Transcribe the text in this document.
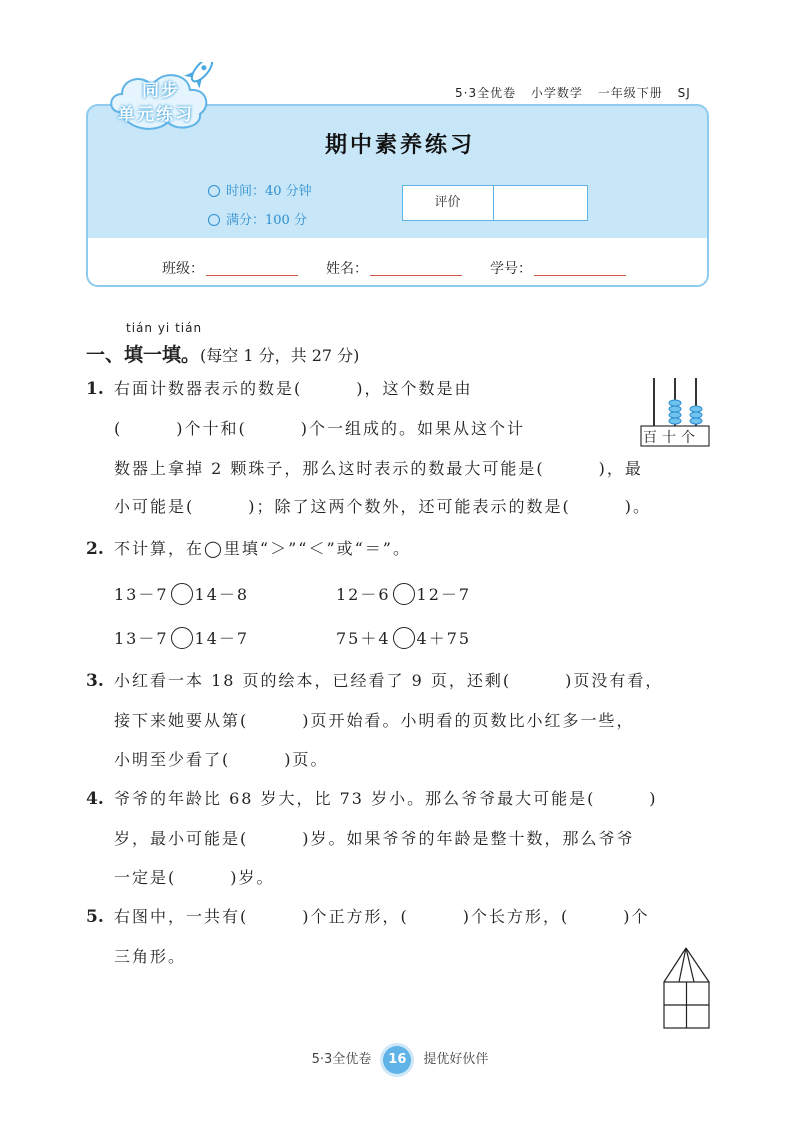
同步
单元练习
5·3全优卷 小学数学 一年级下册 SJ
期中素养练习
时间：40 分钟
满分：100 分
评价
班级：	姓名：	学号：
tián yi tián
一、填一填。(每空 1 分，共 27 分)
1. 右面计数器表示的数是(　　　)，这个数是由
(　　　)个十和(　　　)个一组成的。如果从这个计
数器上拿掉 2 颗珠子，那么这时表示的数最大可能是(　　　)，最
小可能是(　　　)；除了这两个数外，还可能表示的数是(　　　)。
百十个
2. 不计算，在◯里填“＞”“＜”或“＝”。
13－7 14－8	12－6 12－7
13－7 14－7	75＋4 4＋75
3. 小红看一本 18 页的绘本，已经看了 9 页，还剩(　　　)页没有看，
接下来她要从第(　　　)页开始看。小明看的页数比小红多一些，
小明至少看了(　　　)页。
4. 爷爷的年龄比 68 岁大，比 73 岁小。那么爷爷最大可能是(　　　)
岁，最小可能是(　　　)岁。如果爷爷的年龄是整十数，那么爷爷
一定是(　　　)岁。
5. 右图中，一共有(　　　)个正方形，(　　　)个长方形，(　　　)个
三角形。
5·3全优卷 16 提优好伙伴
